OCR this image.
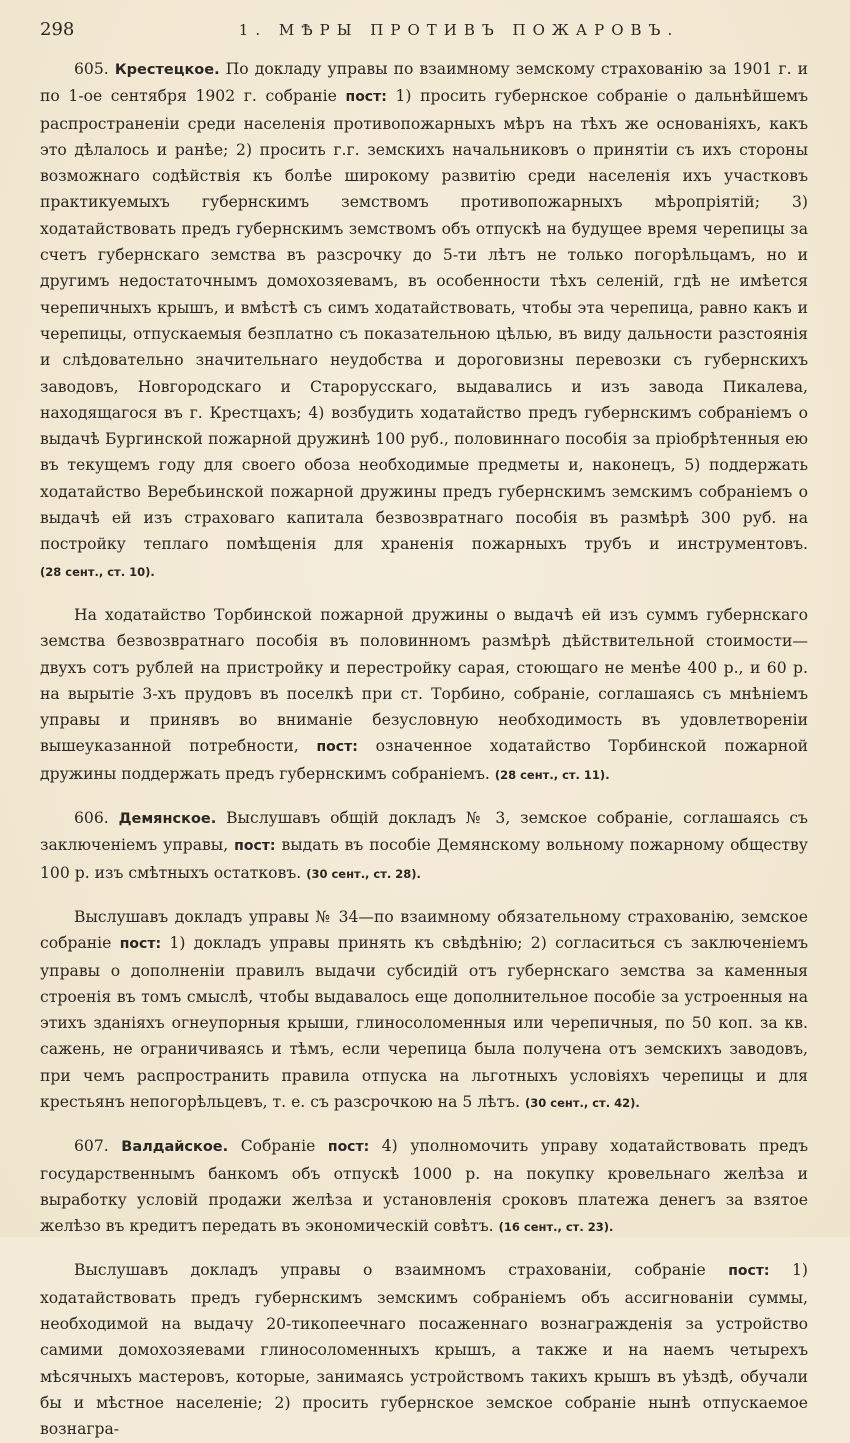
298	1. МѢРЫ ПРОТИВЪ ПОЖАРОВЪ.

605. Крестецкое. По докладу управы по взаимному земскому страхованію за 1901 г. и по 1-ое сентября 1902 г. собраніе пост: 1) просить губернское собраніе о дальнѣйшемъ распространеніи среди населенія противопожарныхъ мѣръ на тѣхъ же основаніяхъ, какъ это дѣлалось и ранѣе; 2) просить г.г. земскихъ начальниковъ о принятіи съ ихъ стороны возможнаго содѣйствія къ болѣе широкому развитію среди населенія ихъ участковъ практикуемыхъ губернскимъ земствомъ противопожарныхъ мѣропріятій; 3) ходатайствовать предъ губернскимъ земствомъ объ отпускѣ на будущее время черепицы за счетъ губернскаго земства въ разсрочку до 5-ти лѣтъ не только погорѣльцамъ, но и другимъ недостаточнымъ домохозяевамъ, въ особенности тѣхъ селеній, гдѣ не имѣется черепичныхъ крышъ, и вмѣстѣ съ симъ ходатайствовать, чтобы эта черепица, равно какъ и черепицы, отпускаемыя безплатно съ показательною цѣлью, въ виду дальности разстоянія и слѣдовательно значительнаго неудобства и дороговизны перевозки съ губернскихъ заводовъ, Новгородскаго и Старорусскаго, выдавались и изъ завода Пикалева, находящагося въ г. Крестцахъ; 4) возбудить ходатайство предъ губернскимъ собраніемъ о выдачѣ Бургинской пожарной дружинѣ 100 руб., половиннаго пособія за пріобрѣтенныя ею въ текущемъ году для своего обоза необходимые предметы и, наконецъ, 5) поддержать ходатайство Веребьинской пожарной дружины предъ губернскимъ земскимъ собраніемъ о выдачѣ ей изъ страховаго капитала безвозвратнаго пособія въ размѣрѣ 300 руб. на постройку теплаго помѣщенія для храненія пожарныхъ трубъ и инструментовъ. (28 сент., ст. 10).

На ходатайство Торбинской пожарной дружины о выдачѣ ей изъ суммъ губернскаго земства безвозвратнаго пособія въ половинномъ размѣрѣ дѣйствительной стоимости—двухъ сотъ рублей на пристройку и перестройку сарая, стоющаго не менѣе 400 р., и 60 р. на вырытіе 3-хъ прудовъ въ поселкѣ при ст. Торбино, собраніе, соглашаясь съ мнѣніемъ управы и принявъ во вниманіе безусловную необходимость въ удовлетвореніи вышеуказанной потребности, пост: означенное ходатайство Торбинской пожарной дружины поддержать предъ губернскимъ собраніемъ. (28 сент., ст. 11).

606. Демянское. Выслушавъ общій докладъ № 3, земское собраніе, соглашаясь съ заключеніемъ управы, пост: выдать въ пособіе Демянскому вольному пожарному обществу 100 р. изъ смѣтныхъ остатковъ. (30 сент., ст. 28).

Выслушавъ докладъ управы № 34—по взаимному обязательному страхованію, земское собраніе пост: 1) докладъ управы принять къ свѣдѣнію; 2) согласиться съ заключеніемъ управы о дополненіи правилъ выдачи субсидій отъ губернскаго земства за каменныя строенія въ томъ смыслѣ, чтобы выдавалось еще дополнительное пособіе за устроенныя на этихъ зданіяхъ огнеупорныя крыши, глиносоломенныя или черепичныя, по 50 коп. за кв. сажень, не ограничиваясь и тѣмъ, если черепица была получена отъ земскихъ заводовъ, при чемъ распространить правила отпуска на льготныхъ условіяхъ черепицы и для крестьянъ непогорѣльцевъ, т. е. съ разсрочкою на 5 лѣтъ. (30 сент., ст. 42).

607. Валдайское. Собраніе пост: 4) уполномочить управу ходатайствовать предъ государственнымъ банкомъ объ отпускѣ 1000 р. на покупку кровельнаго желѣза и выработку условій продажи желѣза и установленія сроковъ платежа денегъ за взятое желѣзо въ кредитъ передать въ экономическій совѣтъ. (16 сент., ст. 23).

Выслушавъ докладъ управы о взаимномъ страхованіи, собраніе пост: 1) ходатайствовать предъ губернскимъ земскимъ собраніемъ объ ассигнованіи суммы, необходимой на выдачу 20-тикопеечнаго посаженнаго вознагражденія за устройство самими домохозяевами глиносоломенныхъ крышъ, а также и на наемъ четырехъ мѣсячныхъ мастеровъ, которые, занимаясь устройствомъ такихъ крышъ въ уѣздѣ, обучали бы и мѣстное населеніе; 2) просить губернское земское собраніе нынѣ отпускаемое вознагра-
